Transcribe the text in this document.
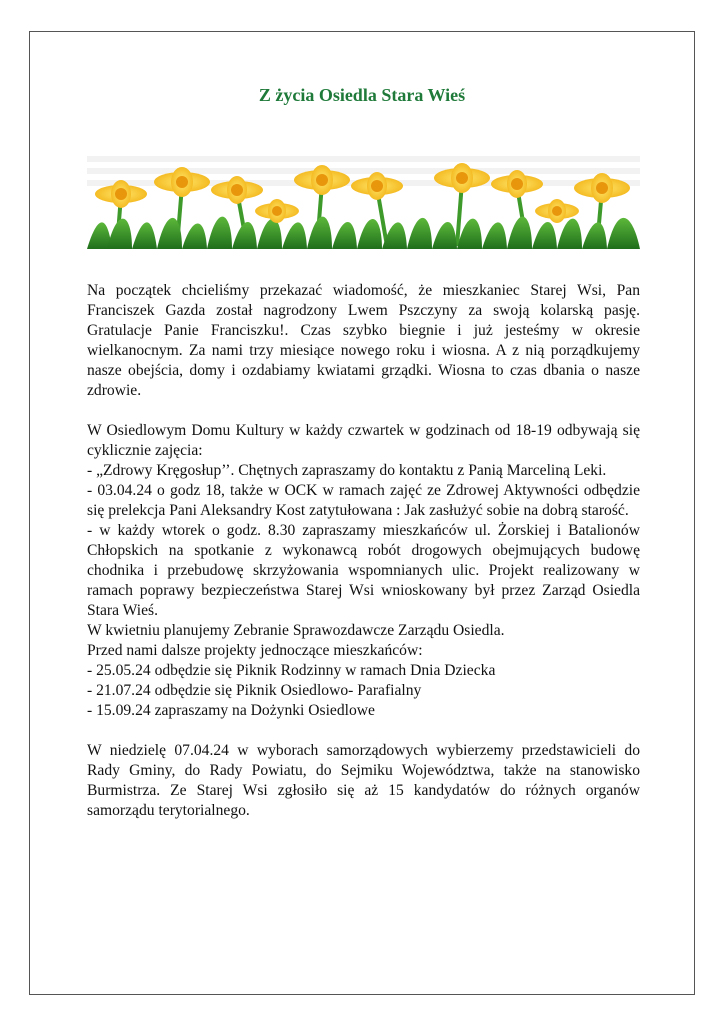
Z życia Osiedla Stara Wieś

Na początek chcieliśmy przekazać wiadomość, że mieszkaniec Starej Wsi, Pan Franciszek Gazda został nagrodzony Lwem Pszczyny za swoją kolarską pasję. Gratulacje Panie Franciszku!. Czas szybko biegnie i już jesteśmy w okresie wielkanocnym. Za nami trzy miesiące nowego roku i wiosna. A z nią porządkujemy nasze obejścia, domy i ozdabiamy kwiatami grządki. Wiosna to czas dbania o nasze zdrowie.

W Osiedlowym Domu Kultury w każdy czwartek w godzinach od 18-19 odbywają się cyklicznie zajęcia:

- „Zdrowy Kręgosłup’’. Chętnych zapraszamy do kontaktu z Panią Marceliną Leki.

- 03.04.24 o godz 18, także w OCK w ramach zajęć ze Zdrowej Aktywności odbędzie się prelekcja Pani Aleksandry Kost zatytułowana : Jak zasłużyć sobie na dobrą starość.

- w każdy wtorek o godz. 8.30 zapraszamy mieszkańców ul. Żorskiej i Batalionów Chłopskich na spotkanie z wykonawcą robót drogowych obejmujących budowę chodnika i przebudowę skrzyżowania wspomnianych ulic. Projekt realizowany w ramach poprawy bezpieczeństwa Starej Wsi wnioskowany był przez Zarząd Osiedla Stara Wieś.

W kwietniu planujemy Zebranie Sprawozdawcze Zarządu Osiedla.

Przed nami dalsze projekty jednoczące mieszkańców:

- 25.05.24 odbędzie się Piknik Rodzinny w ramach Dnia Dziecka

- 21.07.24 odbędzie się Piknik Osiedlowo- Parafialny

- 15.09.24 zapraszamy na Dożynki Osiedlowe

W niedzielę 07.04.24 w wyborach samorządowych wybierzemy przedstawicieli do Rady Gminy, do Rady Powiatu, do Sejmiku Województwa, także na stanowisko Burmistrza. Ze Starej Wsi zgłosiło się aż 15 kandydatów do różnych organów samorządu terytorialnego.
